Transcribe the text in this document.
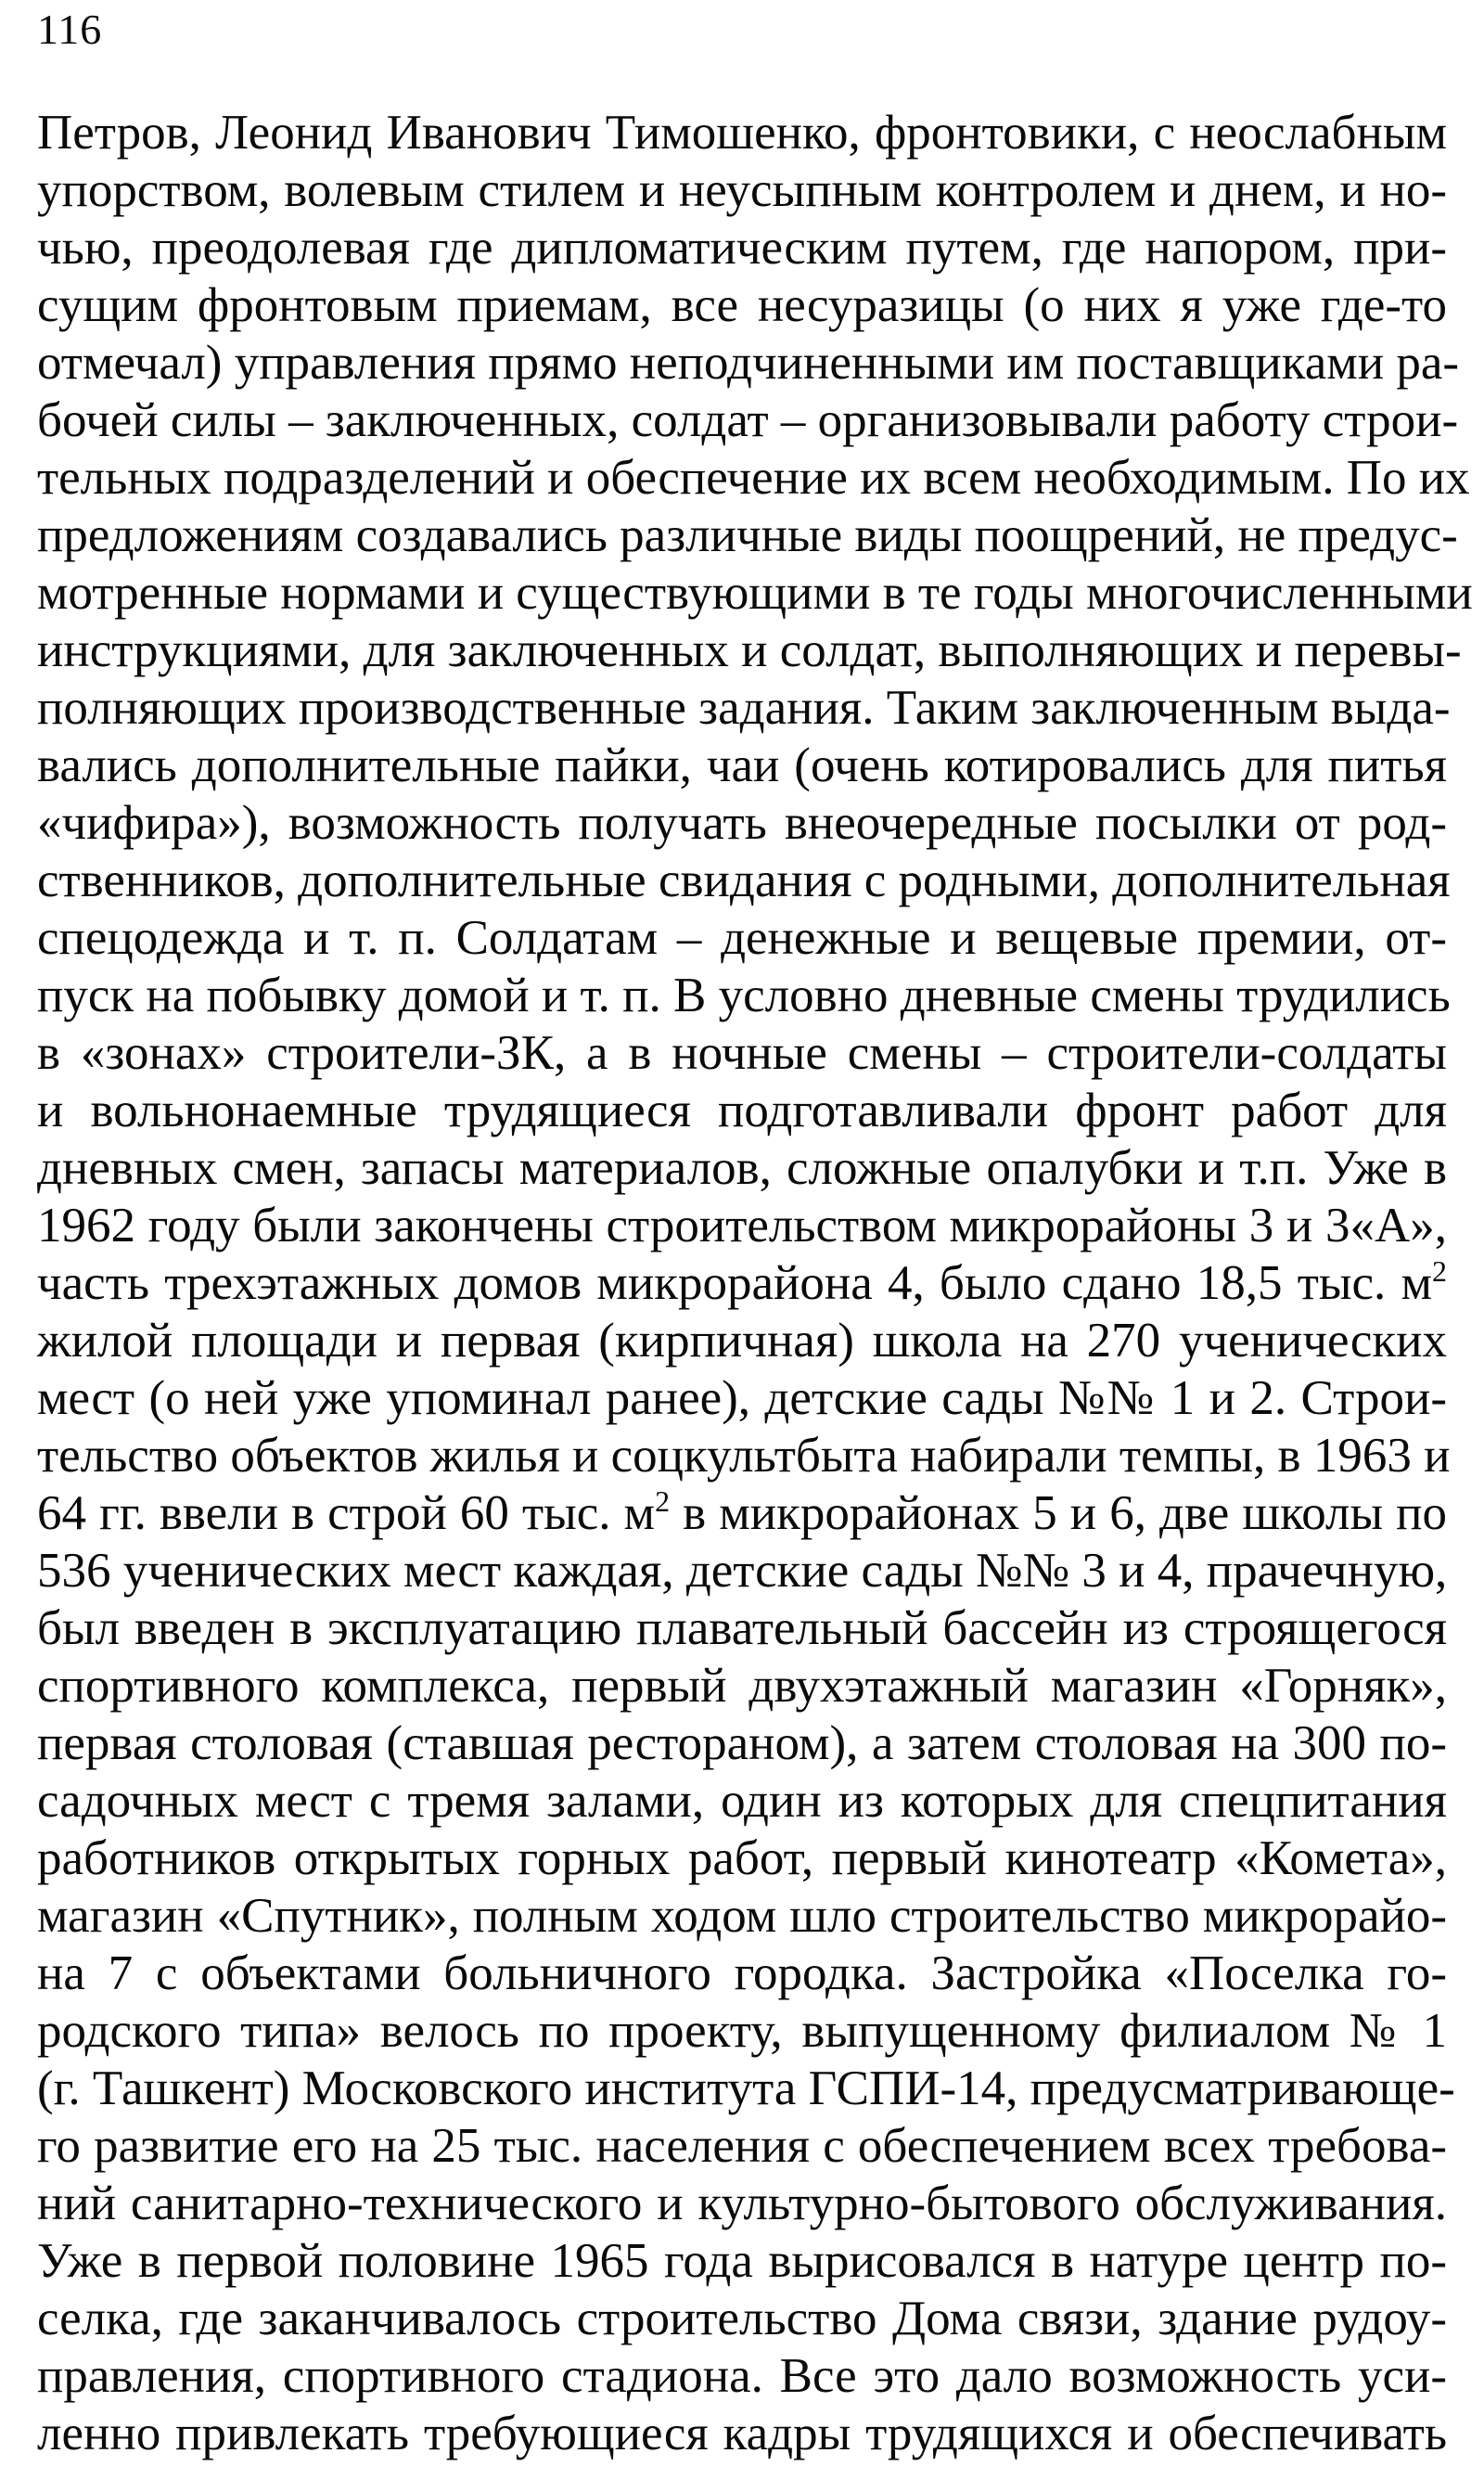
116
Петров, Леонид Иванович Тимошенко, фронтовики, с неослабным
упорством, волевым стилем и неусыпным контролем и днем, и но-
чью, преодолевая где дипломатическим путем, где напором, при-
сущим фронтовым приемам, все несуразицы (о них я уже где-то
отмечал) управления прямо неподчиненными им поставщиками ра-
бочей силы – заключенных, солдат – организовывали работу строи-
тельных подразделений и обеспечение их всем необходимым. По их
предложениям создавались различные виды поощрений, не предус-
мотренные нормами и существующими в те годы многочисленными
инструкциями, для заключенных и солдат, выполняющих и перевы-
полняющих производственные задания. Таким заключенным выда-
вались дополнительные пайки, чаи (очень котировались для питья
«чифира»), возможность получать внеочередные посылки от род-
ственников, дополнительные свидания с родными, дополнительная
спецодежда и т. п. Солдатам – денежные и вещевые премии, от-
пуск на побывку домой и т. п. В условно дневные смены трудились
в «зонах» строители-ЗК, а в ночные смены – строители-солдаты
и вольнонаемные трудящиеся подготавливали фронт работ для
дневных смен, запасы материалов, сложные опалубки и т.п. Уже в
1962 году были закончены строительством микрорайоны 3 и 3«А»,
часть трехэтажных домов микрорайона 4, было сдано 18,5 тыс. $м^2$
жилой площади и первая (кирпичная) школа на 270 ученических
мест (о ней уже упоминал ранее), детские сады №№ 1 и 2. Строи-
тельство объектов жилья и соцкультбыта набирали темпы, в 1963 и
64 гг. ввели в строй 60 тыс. $м^2$ в микрорайонах 5 и 6, две школы по
536 ученических мест каждая, детские сады №№ 3 и 4, прачечную,
был введен в эксплуатацию плавательный бассейн из строящегося
спортивного комплекса, первый двухэтажный магазин «Горняк»,
первая столовая (ставшая рестораном), а затем столовая на 300 по-
садочных мест с тремя залами, один из которых для спецпитания
работников открытых горных работ, первый кинотеатр «Комета»,
магазин «Спутник», полным ходом шло строительство микрорайо-
на 7 с объектами больничного городка. Застройка «Поселка го-
родского типа» велось по проекту, выпущенному филиалом № 1
(г. Ташкент) Московского института ГСПИ-14, предусматривающе-
го развитие его на 25 тыс. населения с обеспечением всех требова-
ний санитарно-технического и культурно-бытового обслуживания.
Уже в первой половине 1965 года вырисовался в натуре центр по-
селка, где заканчивалось строительство Дома связи, здание рудоу-
правления, спортивного стадиона. Все это дало возможность уси-
ленно привлекать требующиеся кадры трудящихся и обеспечивать
